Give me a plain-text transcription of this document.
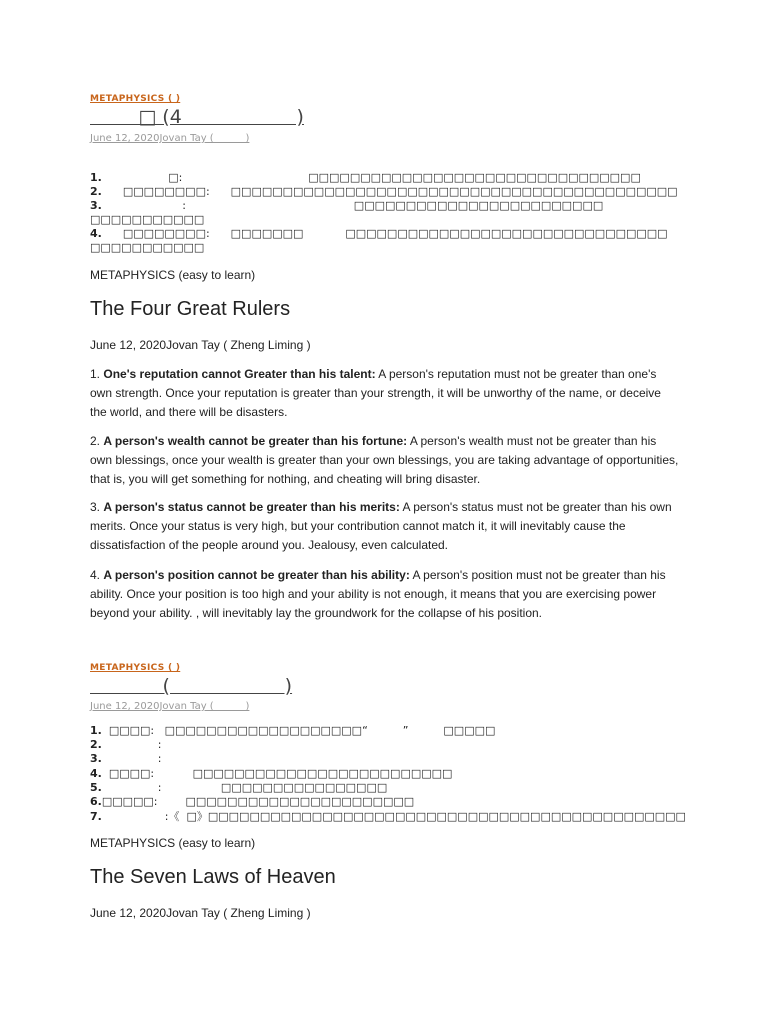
METAPHYSICS ( )
□ (4                   )
June 12, 2020Jovan Tay (          )
1.                   □:                                    □□□□□□□□□□□□□□□□□□□□□□□□□□□□□□□□
2.      □□□□□□□□:      □□□□□□□□□□□□□□□□□□□□□□□□□□□□□□□□□□□□□□□□□□□
3.                       :                                                □□□□□□□□□□□□□□□□□□□□□□□□ □□□□□□□□□□□
4.      □□□□□□□□:      □□□□□□□            □□□□□□□□□□□□□□□□□□□□□□□□□□□□□□□ □□□□□□□□□□□
METAPHYSICS (easy to learn)
The Four Great Rulers
June 12, 2020Jovan Tay ( Zheng Liming )
1. One's reputation cannot Greater than his talent: A person's reputation must not be greater than one's own strength. Once your reputation is greater than your strength, it will be unworthy of the name, or deceive the world, and there will be disasters.
2. A person's wealth cannot be greater than his fortune: A person's wealth must not be greater than his own blessings, once your wealth is greater than your own blessings, you are taking advantage of opportunities, that is, you will get something for nothing, and cheating will bring disaster.
3. A person's status cannot be greater than his merits: A person's status must not be greater than his own merits. Once your status is very high, but your contribution cannot match it, it will inevitably cause the dissatisfaction of the people around you. Jealousy, even calculated.
4. A person's position cannot be greater than his ability: A person's position must not be greater than his ability. Once your position is too high and your ability is not enough, it means that you are exercising power beyond your ability. , will inevitably lay the groundwork for the collapse of his position.
METAPHYSICS ( )
(                   )
June 12, 2020Jovan Tay (          )
1.  □□□□:   □□□□□□□□□□□□□□□□□□□“          ”          □□□□□
2.                :
3.                :
4.  □□□□:           □□□□□□□□□□□□□□□□□□□□□□□□□
5.                :                 □□□□□□□□□□□□□□□□
6.□□□□□:        □□□□□□□□□□□□□□□□□□□□□□
7.                  :《  □》□□□□□□□□□□□□□□□□□□□□□□□□□□□□□□□□□□□□□□□□□□□□□□
METAPHYSICS (easy to learn)
The Seven Laws of Heaven
June 12, 2020Jovan Tay ( Zheng Liming )
